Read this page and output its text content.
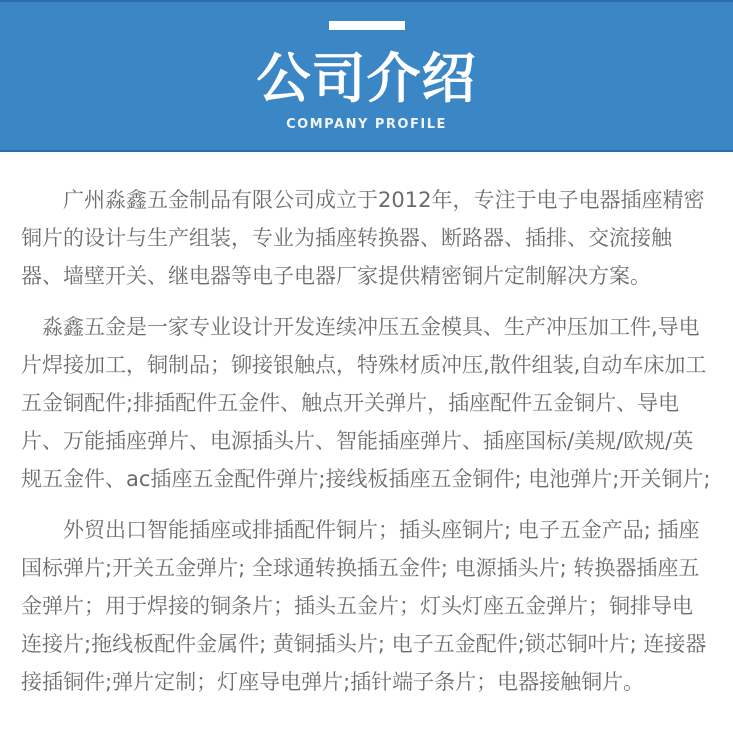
公司介绍
COMPANY PROFILE

广州淼鑫五金制品有限公司成立于2012年，专注于电子电器插座精密铜片的设计与生产组装，专业为插座转换器、断路器、插排、交流接触器、墙壁开关、继电器等电子电器厂家提供精密铜片定制解决方案。

淼鑫五金是一家专业设计开发连续冲压五金模具、生产冲压加工件,导电片焊接加工，铜制品；铆接银触点，特殊材质冲压,散件组装,自动车床加工五金铜配件;排插配件五金件、触点开关弹片，插座配件五金铜片、导电片、万能插座弹片、电源插头片、智能插座弹片、插座国标/美规/欧规/英规五金件、ac插座五金配件弹片;接线板插座五金铜件; 电池弹片;开关铜片;

外贸出口智能插座或排插配件铜片；插头座铜片; 电子五金产品; 插座国标弹片;开关五金弹片; 全球通转换插五金件; 电源插头片; 转换器插座五金弹片；用于焊接的铜条片；插头五金片；灯头灯座五金弹片；铜排导电连接片;拖线板配件金属件; 黄铜插头片; 电子五金配件;锁芯铜叶片; 连接器接插铜件;弹片定制；灯座导电弹片;插针端子条片；电器接触铜片。
